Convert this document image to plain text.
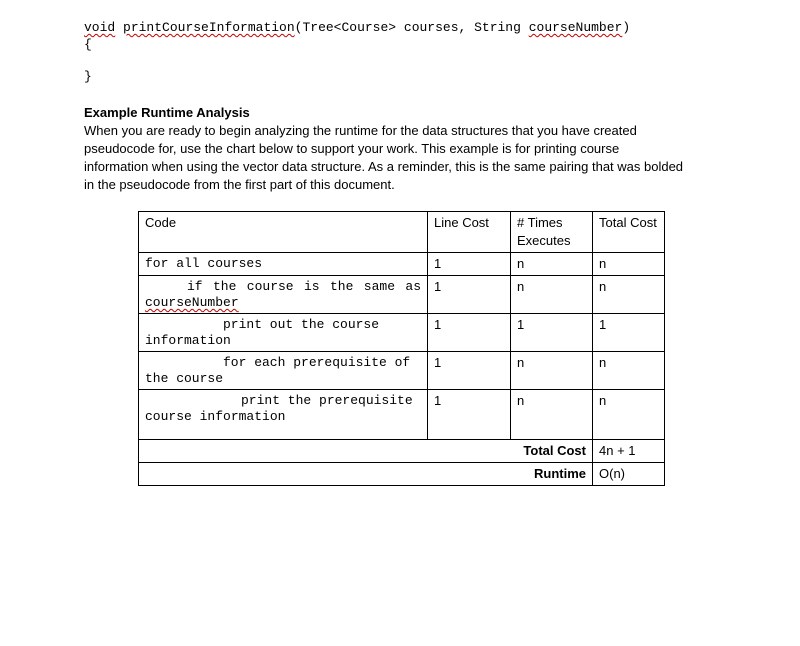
void printCourseInformation(Tree<Course> courses, String courseNumber)
{
}
Example Runtime Analysis
When you are ready to begin analyzing the runtime for the data structures that you have created pseudocode for, use the chart below to support your work. This example is for printing course information when using the vector data structure. As a reminder, this is the same pairing that was bolded in the pseudocode from the first part of this document.
Code	Line Cost	# Times Executes	Total Cost
for all courses	1	n	n
if the course is the same as courseNumber	1	n	n
print out the course information	1	1	1
for each prerequisite of the course	1	n	n
print the prerequisite course information	1	n	n
Total Cost			4n + 1
Runtime			O(n)
